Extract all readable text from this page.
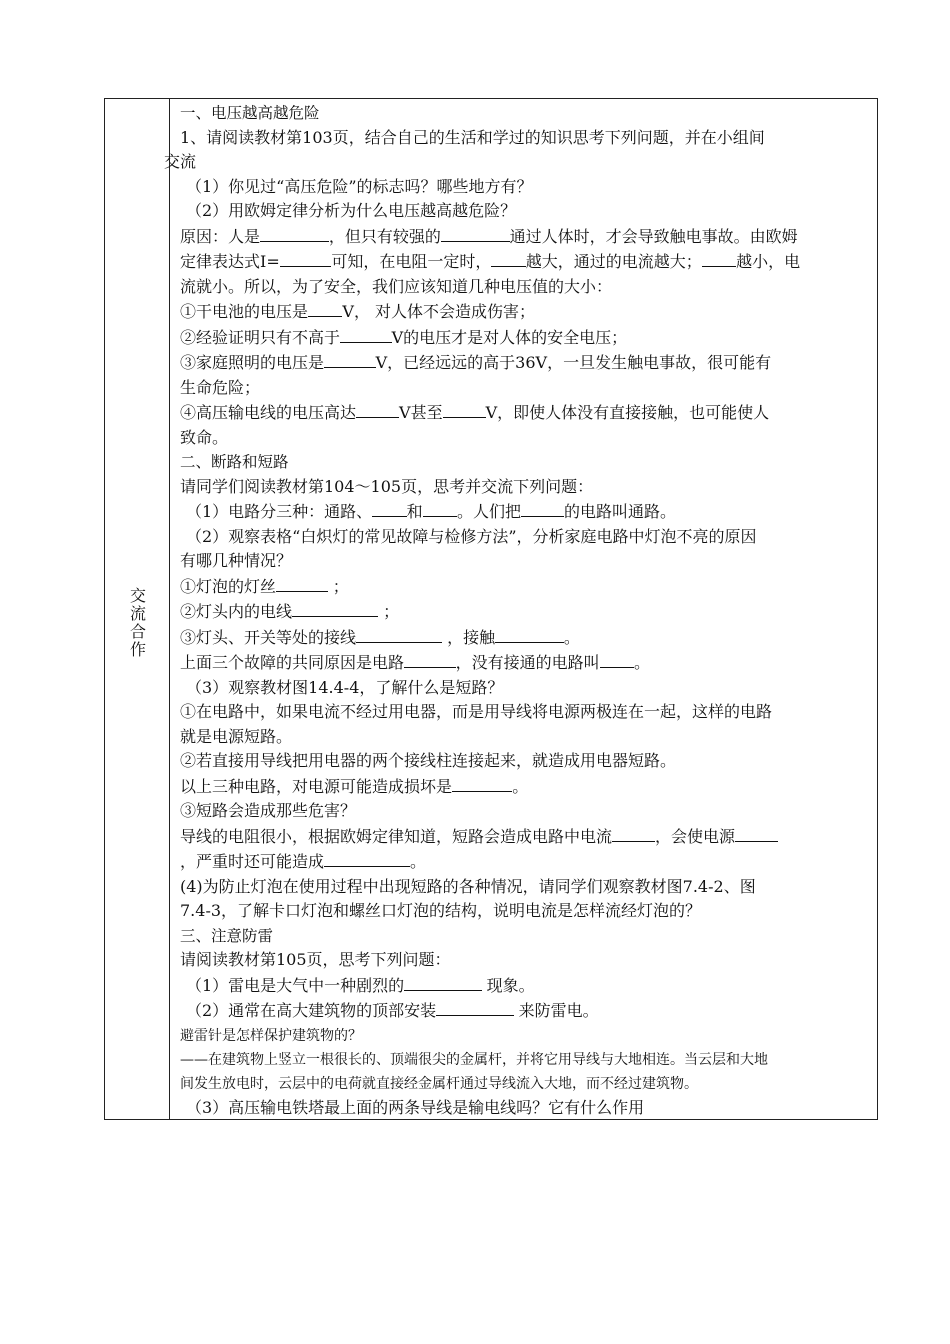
交流合作
一、电压越高越危险
1、请阅读教材第103页，结合自己的生活和学过的知识思考下列问题，并在小组间
交流
（1）你见过“高压危险”的标志吗？哪些地方有？
（2）用欧姆定律分析为什么电压越高越危险？
原因：人是	，但只有较强的	通过人体时，才会导致触电事故。由欧姆
定律表达式I=	可知，在电阻一定时， 越大，通过的电流越大； 越小，电
流就小。所以，为了安全，我们应该知道几种电压值的大小：
①干电池的电压是 V， 对人体不会造成伤害；
②经验证明只有不高于	V的电压才是对人体的安全电压；
③家庭照明的电压是	V，已经远远的高于36V，一旦发生触电事故，很可能有
生命危险；
④高压输电线的电压高达	V甚至	V，即使人体没有直接接触，也可能使人
致命。
二、断路和短路
请同学们阅读教材第104～105页，思考并交流下列问题：
（1）电路分三种：通路、 和 。人们把	的电路叫通路。
（2）观察表格“白炽灯的常见故障与检修方法”，分析家庭电路中灯泡不亮的原因
有哪几种情况？
①灯泡的灯丝	；
②灯头内的电线	；
③灯头、开关等处的接线	，接触	。
上面三个故障的共同原因是电路	，没有接通的电路叫 。
（3）观察教材图14.4-4，了解什么是短路？
①在电路中，如果电流不经过用电器，而是用导线将电源两极连在一起，这样的电路
就是电源短路。
②若直接用导线把用电器的两个接线柱连接起来，就造成用电器短路。
以上三种电路，对电源可能造成损坏是	。
③短路会造成那些危害？
导线的电阻很小，根据欧姆定律知道，短路会造成电路中电流	，会使电源
，严重时还可能造成	。
(4)为防止灯泡在使用过程中出现短路的各种情况，请同学们观察教材图7.4-2、图
7.4-3，了解卡口灯泡和螺丝口灯泡的结构，说明电流是怎样流经灯泡的？
三、注意防雷
请阅读教材第105页，思考下列问题：
（1）雷电是大气中一种剧烈的	现象。
（2）通常在高大建筑物的顶部安装	来防雷电。
避雷针是怎样保护建筑物的？
——在建筑物上竖立一根很长的、顶端很尖的金属杆，并将它用导线与大地相连。当云层和大地
间发生放电时，云层中的电荷就直接经金属杆通过导线流入大地，而不经过建筑物。
（3）高压输电铁塔最上面的两条导线是输电线吗？它有什么作用
